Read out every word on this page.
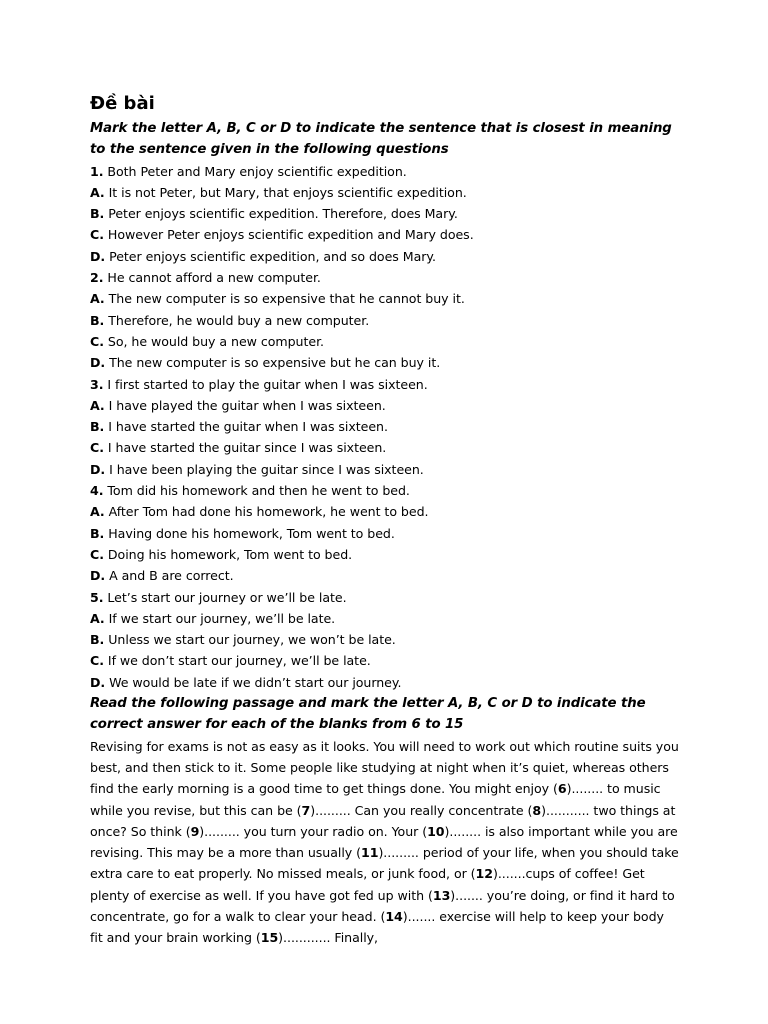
Đề bài

Mark the letter A, B, C or D to indicate the sentence that is closest in meaning to the sentence given in the following questions

1. Both Peter and Mary enjoy scientific expedition.
A. It is not Peter, but Mary, that enjoys scientific expedition.
B. Peter enjoys scientific expedition. Therefore, does Mary.
C. However Peter enjoys scientific expedition and Mary does.
D. Peter enjoys scientific expedition, and so does Mary.
2. He cannot afford a new computer.
A. The new computer is so expensive that he cannot buy it.
B. Therefore, he would buy a new computer.
C. So, he would buy a new computer.
D. The new computer is so expensive but he can buy it.
3. I first started to play the guitar when I was sixteen.
A. I have played the guitar when I was sixteen.
B. I have started the guitar when I was sixteen.
C. I have started the guitar since I was sixteen.
D. I have been playing the guitar since I was sixteen.
4. Tom did his homework and then he went to bed.
A. After Tom had done his homework, he went to bed.
B. Having done his homework, Tom went to bed.
C. Doing his homework, Tom went to bed.
D. A and B are correct.
5. Let’s start our journey or we’ll be late.
A. If we start our journey, we’ll be late.
B. Unless we start our journey, we won’t be late.
C. If we don’t start our journey, we’ll be late.
D. We would be late if we didn’t start our journey.

Read the following passage and mark the letter A, B, C or D to indicate the correct answer for each of the blanks from 6 to 15

Revising for exams is not as easy as it looks. You will need to work out which routine suits you best, and then stick to it. Some people like studying at night when it’s quiet, whereas others find the early morning is a good time to get things done. You might enjoy (6)........ to music while you revise, but this can be (7)......... Can you really concentrate (8)........... two things at once? So think (9)......... you turn your radio on. Your (10)........ is also important while you are revising. This may be a more than usually (11)......... period of your life, when you should take extra care to eat properly. No missed meals, or junk food, or (12).......cups of coffee! Get plenty of exercise as well. If you have got fed up with (13)....... you’re doing, or find it hard to concentrate, go for a walk to clear your head. (14)....... exercise will help to keep your body fit and your brain working (15)............ Finally,
